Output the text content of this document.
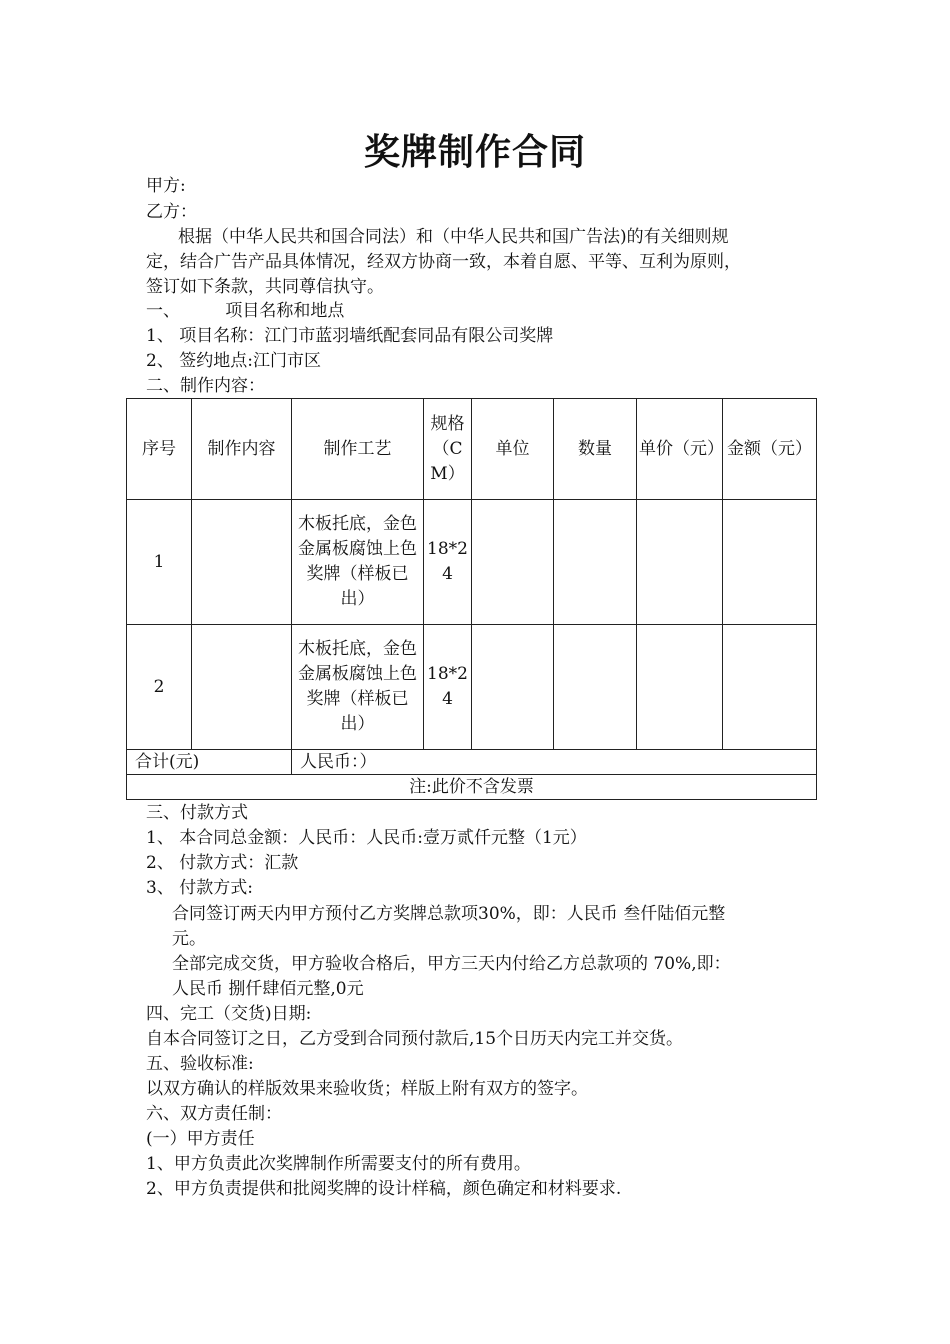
奖牌制作合同
甲方:
乙方：
根据（中华人民共和国合同法）和（中华人民共和国广告法)的有关细则规
定，结合广告产品具体情况，经双方协商一致，本着自愿、平等、互利为原则，
签订如下条款，共同尊信执守。
一、	项目名称和地点
1、 项目名称：江门市蓝羽墙纸配套同品有限公司奖牌
2、 签约地点:江门市区
二、制作内容：
序号	制作内容	制作工艺	规格（CM）	单位	数量	单价（元）	金额（元）
1		木板托底，金色金属板腐蚀上色奖牌（样板已出）	18*24				
2		木板托底，金色金属板腐蚀上色奖牌（样板已出）	18*24				
合计(元)		人民币：）					
注:此价不含发票							
三、付款方式
1、 本合同总金额：人民币：人民币:壹万贰仟元整（1元）
2、 付款方式：汇款
3、 付款方式:
合同签订两天内甲方预付乙方奖牌总款项30%，即：人民币 叁仟陆佰元整
元。
全部完成交货，甲方验收合格后，甲方三天内付给乙方总款项的 70%,即：
人民币 捌仟肆佰元整,0元
四、完工（交货)日期:
自本合同签订之日，乙方受到合同预付款后,15个日历天内完工并交货。
五、验收标准:
以双方确认的样版效果来验收货；样版上附有双方的签字。
六、双方责任制：
(一）甲方责任
1、甲方负责此次奖牌制作所需要支付的所有费用。
2、甲方负责提供和批阅奖牌的设计样稿，颜色确定和材料要求.
